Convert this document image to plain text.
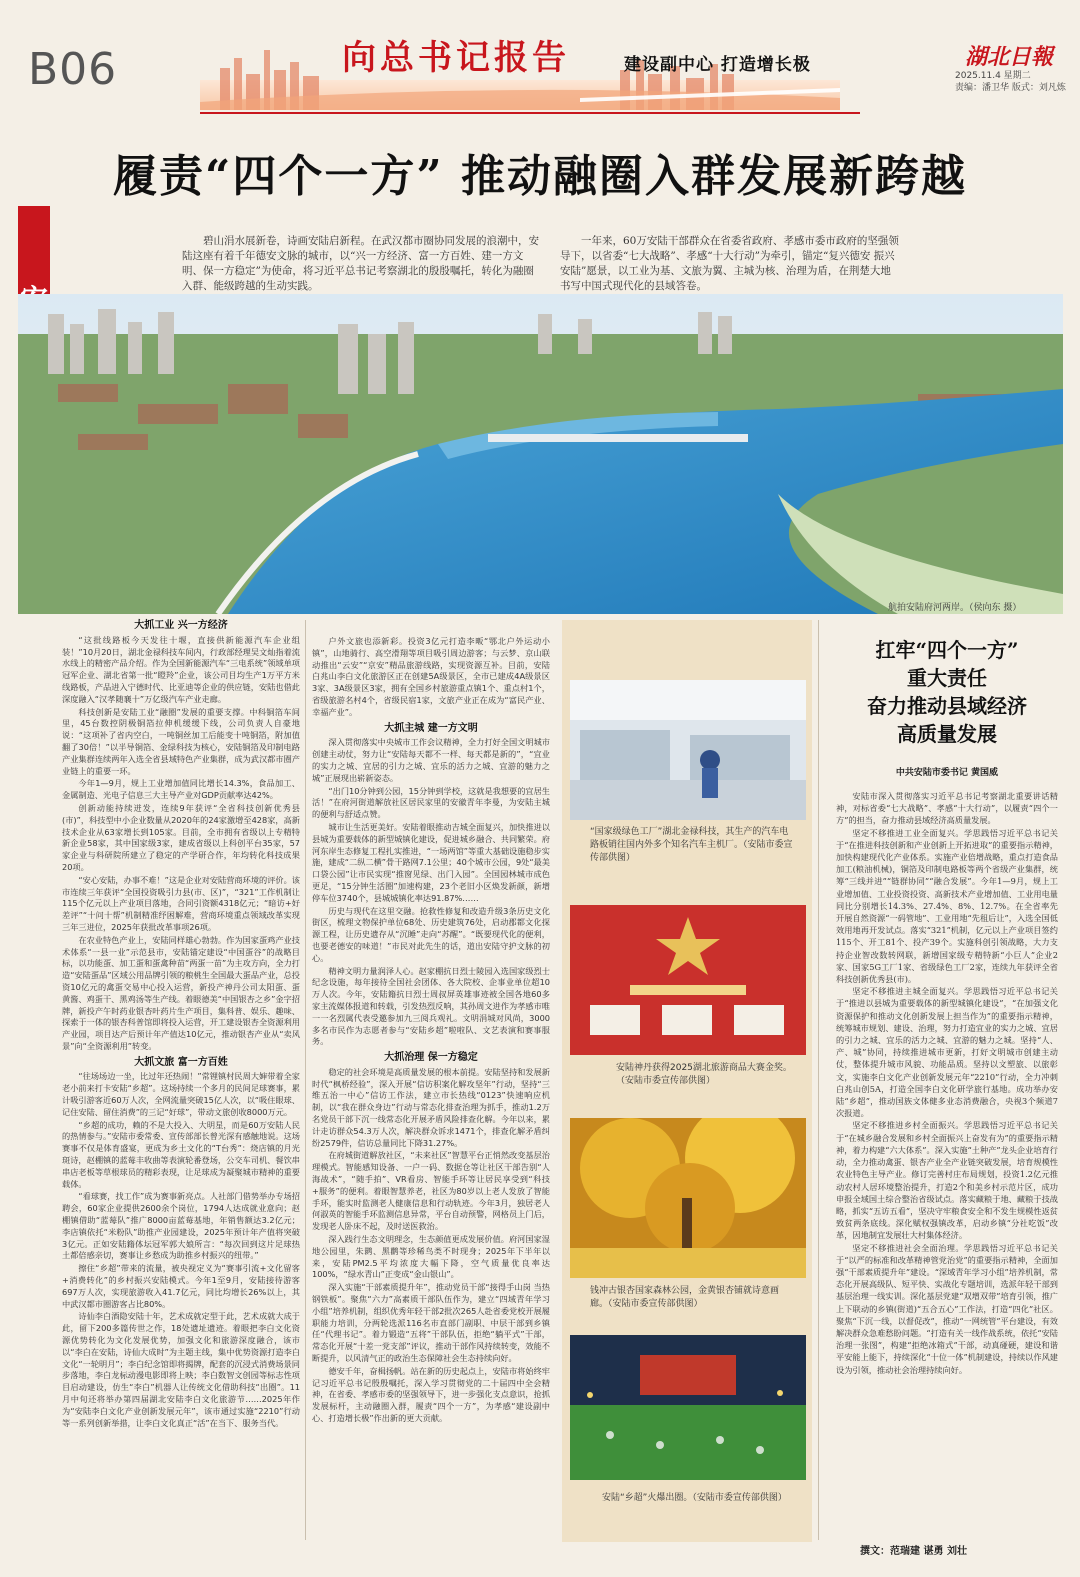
B06	向总书记报告	建设副中心 打造增长极	湖北日報
2025.11.4 星期二
责编：潘卫华 版式：刘凡炼
履责“四个一方” 推动融圈入群发展新跨越
碧山涓水展新卷，诗画安陆启新程。在武汉都市圈协同发展的浪潮中，安陆这座有着千年德安文脉的城市，以“兴一方经济、富一方百姓、建一方文明、保一方稳定”为使命，将习近平总书记考察湖北的殷殷嘱托，转化为融圈入群、能级跨越的生动实践。
一年来，60万安陆干部群众在省委省政府、孝感市委市政府的坚强领导下，以省委“七大战略”、孝感“十大行动”为牵引，锚定“复兴德安 振兴安陆”愿景，以工业为基、文旅为翼、主城为核、治理为盾，在荆楚大地书写中国式现代化的县域答卷。
航拍安陆府河两岸。（侯向东 摄）
大抓工业 兴一方经济

“这批线路板今天发往十堰，直接供新能源汽车企业组装！”10月20日，湖北金禄科技车间内，行政部经理吴文灿指着流水线上的精密产品介绍。作为全国新能源汽车“三电系统”领域单项冠军企业、湖北省第一批“瞪羚”企业，该公司目均生产1万平方米线路板，产品进入宁德时代、比亚迪等企业的供应链，安陆也借此深度融入“汉孝随襄十”万亿级汽车产业走廊。

科技创新是安陆工业“融圈”发展的重要支撑。中科铜箔车间里，45台数控阴极铜箔拉伸机缓缓下线，公司负责人自豪地说：“这项补了省内空白，一吨铜丝加工后能变十吨铜箔，附加值翻了30倍！”以半导铜箔、金绿科技为核心，安陆铜箔及印制电路产业集群连续两年入选全省县域特色产业集群，成为武汉都市圈产业链上的重要一环。

今年1—9月，规上工业增加值同比增长14.3%，食品加工、金属制造、光电子信息三大主导产业对GDP贡献率达42%。

创新动能持续迸发，连续9年获评“全省科技创新优秀县(市)”，科技型中小企业数量从2020年的24家激增至428家，高新技术企业从63家增长到105家。目前，全市拥有省级以上专精特新企业58家，其中国家级3家，建成省级以上科创平台35家，57家企业与科研院所建立了稳定的产学研合作，年均转化科技成果20项。

“安心安陆，办事不难！”这是企业对安陆营商环境的评价。该市连续三年获评“全国投资吸引力县(市、区)”，“321”工作机制让115个亿元以上产业项目落地，合同引资额4318亿元；“暗访+好差评”“十问十帮”机制精准纾困解难，营商环境重点领域改革实现三年三进位，2025年获批改革事项26项。

在农业特色产业上，安陆同样雄心勃勃。作为国家蛋鸡产业技术体系“一县一业”示范县市，安陆锚定建设“中国蛋谷”的战略目标，以功能蛋、加工蛋和蛋禽种苗“两蛋一苗”为主攻方向，全力打造“安陆蛋品”区域公用品牌引领的粮桃生全国最大蛋品产业，总投资10亿元的禽蛋交易中心投入运营，新投产神丹公司太阳蛋、蛋黄酱、鸡蛋干、黑鸡汤等生产线。着眼德美“中国银杏之乡”金字招牌，新投产午时药业银杏叶药片生产项目，集科普、娱乐、趣味、探索于一体的银杏科普馆即将投入运营，开工建设银杏全资源利用产业园，项目达产后预计年产值达10亿元，推动银杏产业从“卖风景”向“全资源利用”转变。

大抓文旅 富一方百姓

“往场场边一坐，比过年还热闹！”常锂镇村民周大婶带着全家老小前来打卡安陆“乡超”。这场持续一个多月的民间足球赛事，累计吸引游客近60万人次，全网流量突破15亿人次，以“吸住眼球、记住安陆、留住消费”的三记“好球”，带动文旅创收8000万元。

“乡超的成功，赖的不是大投入、大明星，而是60万安陆人民的热情参与。”安陆市委常委、宣传部部长曾光深有感触地说。这场赛事不仅是体育盛宴，更成为乡土文化的“T台秀”：烧店镇的月光斑诗，赵棚镇的蓝莓丰收曲等表演轮番登场，公交车司机、餐饮串串店老板等草根球员的精彩表现，让足球成为凝聚城市精神的重要载体。

“看球赛，找工作”成为赛事新亮点。人社部门借势举办专场招聘会，60家企业提供2600余个岗位，1794人达成就业意向；赵棚镇借助“蓝莓队”推广8000亩蓝莓基地，年销售额达3.2亿元；李店镇依托“米粉队”助推产业园建设，2025年预计年产值将突破3亿元。正如安陆籍体坛冠军郭大娘所言：“每次回到这片足球热土都倍感亲切，赛事让乡愁成为助推乡村振兴的纽带。”

擦住“乡超”带来的流量，被央视定义为“赛事引流+文化留客+消费转化”的乡村振兴安陆模式。今年1至9月，安陆接待游客697万人次，实现旅游收入41.7亿元，同比均增长26%以上，其中武汉都市圈游客占比80%。

诗仙李白酒隐安陆十年，艺术成就定型于此，艺术成就大成于此，留下200多篇传世之作，18处遗址遗迹。着眼把李白文化资源优势转化为文化发展优势，加强文化和旅游深度融合，该市以“李白在安陆，诗仙大成时”为主题主线，集中优势资源打造李白文化“一轮明月”；李白纪念馆即将揭牌，配套的沉浸式消费场景同步落地，李白龙标动漫电影即将上映；李白数智文创园等标志性项目启动建设，仿生“李白”机器人让传统文化借助科技“出圈”。11月中旬还将举办第四届湖北安陆李白文化旅游节……2025年作为“安陆李白文化产业创新发展元年”，该市通过实施“2210”行动等一系列创新举措，让李白文化真正“活”在当下、服务当代。

户外文旅也添新彩。投资3亿元打造李畈“鄂北户外运动小镇”，山地骑行、高空滑翔等项目吸引周边游客；与云梦、京山联动推出“云安”“京安”精品旅游线路，实现资源互补。目前，安陆白兆山李白文化旅游区正在创建5A级景区，全市已建成4A级景区3家、3A级景区3家，拥有全国乡村旅游重点镇1个、重点村1个，省级旅游名村4个，省级民宿1家，文旅产业正在成为“富民产业、幸福产业”。

大抓主城 建一方文明

深入贯彻落实中央城市工作会议精神，全力打好全国文明城市创建主动仗，努力让“安陆每天都不一样、每天都是新的”，“宜业的实力之城、宜居的引力之城、宜乐的活力之城、宜游的魅力之城”正展现出崭新姿态。

“出门10分钟到公园，15分钟到学校，这就是我想要的宜居生活！”在府河街道解放社区居民家里的安徽青年李曼，为安陆主城的便利与舒适点赞。

城市让生活更美好。安陆着眼推动吉城全面复兴，加快推进以县城为重要载体的新型城镇化建设，促进城乡融合、共同繁荣。府河东岸生态修复工程扎实推进，“一场两馆”等重大基础设施稳步实施，建成“二纵二横”骨干路网7.1公里；40个城市公园，9处“最美口袋公园”让市民实现“推窗见绿、出门入园”。全国园林城市成色更足，“15分钟生活圈”加速构建，23个老旧小区焕发新颜，新增停车位3740个，县城城镇化率达91.87%……

历史与现代在这里交融。抢救性修复和改造升级3条历史文化街区，梳理文物保护单位68处、历史建筑76处，启动郡都文化探源工程，让历史遗存从“沉睡”走向“苏醒”。“既要现代化的便利，也要老德安的味道！”市民对此先生的话，道出安陆守护文脉的初心。

精神文明力量润泽人心。赵家棚抗日烈士陵园入选国家级烈士纪念设施，每年接待全国社会团体、各大院校、企事业单位超10万人次。今年，安陆籍抗日烈士周叔屏英雄事迹被全国各地60多家主流媒体报道和转载，引发热烈反响，其孙周文进作为孝感市唯一一名烈属代表受邀参加九三阅兵观礼。文明涓城对风尚，3000多名市民作为志愿者参与“安陆乡超”啦啦队、文艺表演和赛事服务。

大抓治理 保一方稳定

稳定的社会环境是高质量发展的根本前提。安陆坚持和发展新时代“枫桥经验”，深入开展“信访积案化解攻坚年”行动，坚持“三维五治一中心”信访工作法，建立市长热线“0123”快速响应机制，以“我在群众身边”行动与常态化排查治理为抓手，推动1.2万名党员干部下沉一线常态化开展矛盾风险排查化解。今年以来，累计走访群众54.3万人次，解决群众诉求1471个，排查化解矛盾纠纷2579件，信访总量同比下降31.27%。

在府城街道解放社区，“未来社区”智慧平台正悄然改变基层治理模式。智能感知设备、一户一码、数据仓等让社区干部告别“人海战术”，“随手拍”、VR看房、智能手环等让居民享受到“科技+服务”的便利。着眼智慧养老，社区为80岁以上老人发放了智能手环，能实时监测老人健康信息和行动轨迹。今年3月，独居老人何淑英的智能手环监测信息异常，平台自动预警，网格员上门后，发现老人卧床不起，及时送医救治。

深入践行生态文明理念，生态颜值更成发展价值。府河国家湿地公园里，朱鹮、黑鹳等珍稀鸟类不时现身；2025年下半年以来，安陆PM2.5平均浓度大幅下降，空气质量优良率达100%，“绿水青山”正变成“金山银山”。

深入实施“干部素质提升年”，推动党员干部“接得手山岗 当热钢铁板”。聚焦“六力”高素质干部队伍作为，建立“四域青年学习小组”培养机制，组织优秀年轻干部2批次265人赴省委党校开展履职能力培训，分两轮选派116名市直部门副职、中层干部到乡镇任“代理书记”。着力锻造“五将”干部队伍，拒绝“躺平式”干部，常态化开展“十差一党支部”评议，推动干部作风持续转变，效能不断提升，以风清气正的政治生态保障社会生态持续向好。

德安千年，奋楫扬帆。站在新的历史起点上，安陆市将始终牢记习近平总书记殷殷嘱托，深入学习贯彻党的二十届四中全会精神，在省委、孝感市委的坚强领导下，进一步强化支点意识，抢抓发展标杆，主动融圈入群，履责“四个一方”，为孝感“建设副中心、打造增长极”作出新的更大贡献。

“国家级绿色工厂”湖北金禄科技，其生产的汽车电路板销往国内外多个知名汽车主机厂。（安陆市委宣传部供图）
安陆神丹获得2025湖北旅游商品大赛金奖。（安陆市委宣传部供图）
钱冲古银杏国家森林公园，金黄银杏铺就诗意画廊。（安陆市委宣传部供图）
安陆“乡超”火爆出圈。（安陆市委宣传部供图）
扛牢“四个一方”
重大责任
奋力推动县域经济
高质量发展
中共安陆市委书记 黄国威

安陆市深入贯彻落实习近平总书记考察湖北重要讲话精神，对标省委“七大战略”、孝感“十大行动”，以履责“四个一方”的担当，奋力推动县域经济高质量发展。

坚定不移推进工业全面复兴。学思践悟习近平总书记关于“在推进科技创新和产业创新上开拓进取”的重要指示精神，加快构建现代化产业体系。实施产业倍增战略，重点打造食品加工(粮油机械)，铜箔及印制电路板等两个省级产业集群，统筹“三线并进”“链群协同”“融合发展”。今年1—9月，规上工业增加值、工业投资投资、高新技术产业增加值、工业用电量同比分别增长14.3%、27.4%、8%、12.7%。在全省率先开展自然资源“一码管地”、工业用地“先租后让”，入选全国低效用地再开发试点。落实“321”机制，亿元以上产业项目签约115个、开工81个、投产39个。实施科创引领战略，大力支持企业智改数转网联，新增国家级专精特新“小巨人”企业2家、国家5G工厂1家、省级绿色工厂2家，连续九年获评全省科技创新优秀县(市)。

坚定不移推进主城全面复兴。学思践悟习近平总书记关于“推进以县城为重要载体的新型城镇化建设”，“在加强文化资源保护和推动文化创新发展上担当作为”的重要指示精神，统筹城市规划、建设、治理，努力打造宜业的实力之城、宜居的引力之城、宜乐的活力之城、宜游的魅力之城。坚持“人、产、城”协同，持续推进城市更新，打好文明城市创建主动仗，整体提升城市风貌、功能品质。坚持以文塑旅、以旅彰文，实施李白文化产业创新发展元年“2210”行动，全力冲刺白兆山创5A，打造全国李白文化研学旅行基地。成功举办安陆“乡超”，推动国族文体健多业态消费融合，央视3个频道7次报道。

坚定不移推进乡村全面振兴。学思践悟习近平总书记关于“在城乡融合发展和乡村全面振兴上奋发有为”的重要指示精神，着力构建“六大体系”。深入实施“土种产”龙头企业培育行动，全力推动禽蛋、银杏产业全产业链突破发展，培育规模性农业特色主导产业。修订完善村庄布局规划，投资1.2亿元推动农村人居环境整治提升，打造2个和美乡村示范片区，成功申报全域国土综合整治省级试点。落实藏粮于地、藏粮于技战略，抓实“五访五看”，坚决守牢粮食安全和不发生规模性返贫致贫两条底线。深化赋权强镇改革，启动乡镇“分社吃饭”改革，因地制宜发展壮大村集体经济。

坚定不移推进社会全面治理。学思践悟习近平总书记关于“以严的标准和改革精神管党治党”的重要指示精神，全面加强“干部素质提升年”建设。“深域青年学习小组”培养机制，常态化开展高级队、短平快、实战化专题培训，选派年轻干部到基层治理一线实训。深化基层党建“双增双带”培育引领，推广上下联动的乡镇(街道)“五合五心”工作法，打造“四化”社区。聚焦“下沉一线，以督促改”，推动“一网统管”平台建设，有效解决群众急难愁盼问题。“打造有关一线作战系统，依托“安陆治理一张图”，构建“拒绝冰箱式”干部，动真碰硬，建设和谐平安能上能下，持续深化“十位一体”机制建设，持续以作风建设为引领，推动社会治理持续向好。

撰文：范瑞建 谌勇 刘壮
